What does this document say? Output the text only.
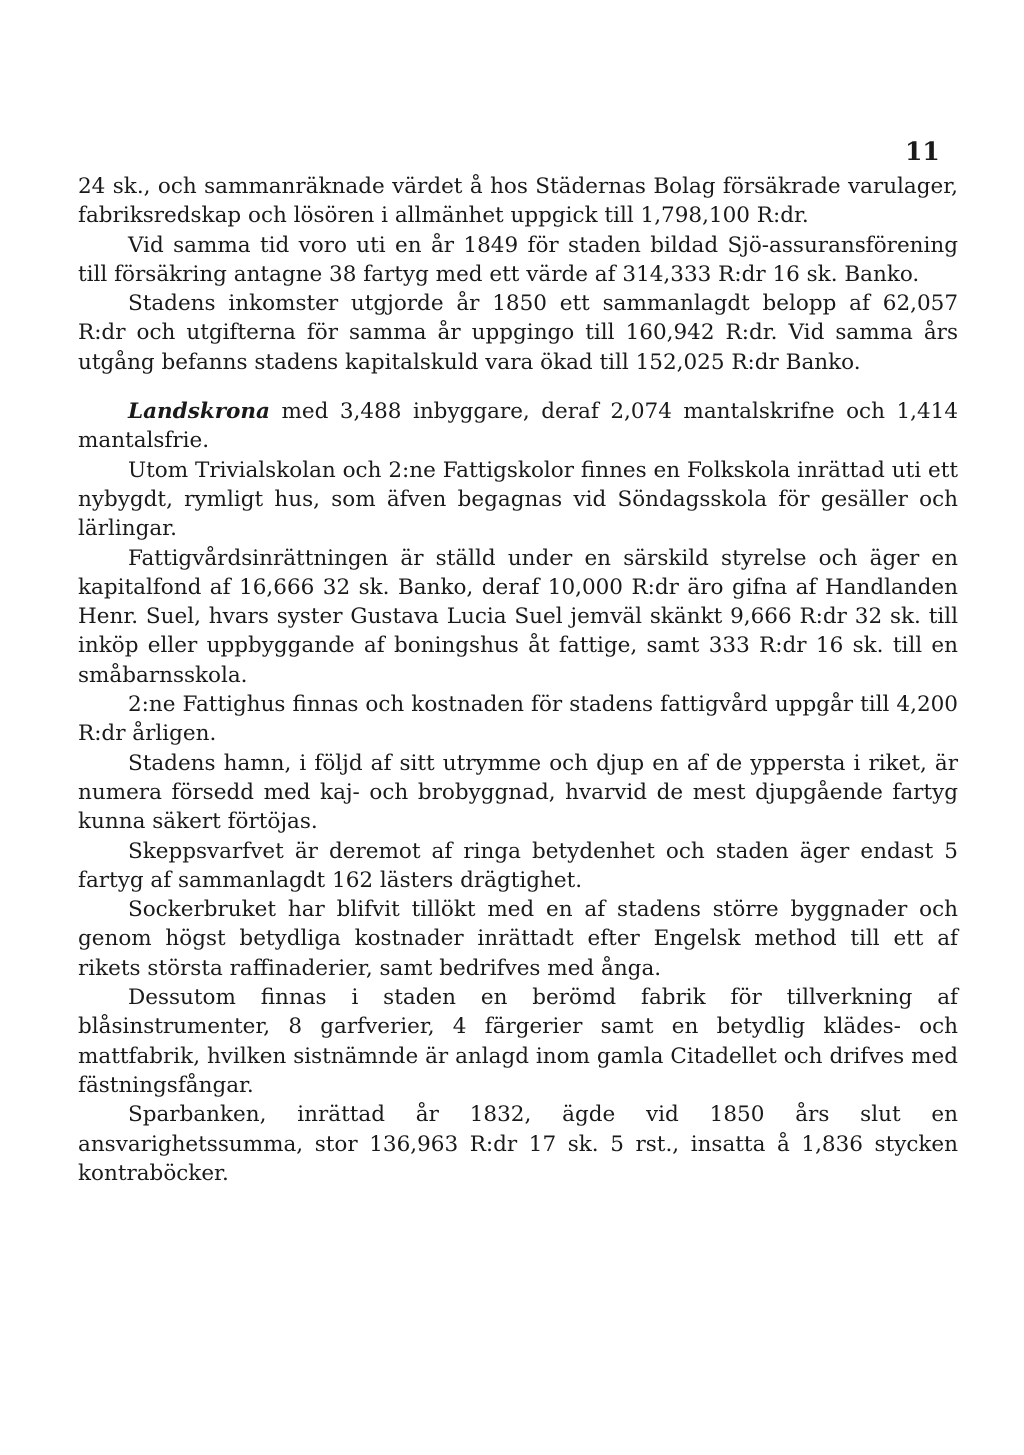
11

24 sk., och sammanräknade värdet å hos Städernas Bolag försäkrade varulager, fabriksredskap och lösören i allmänhet uppgick till 1,798,100 R:dr.

Vid samma tid voro uti en år 1849 för staden bildad Sjö-assuransförening till försäkring antagne 38 fartyg med ett värde af 314,333 R:dr 16 sk. Banko.

Stadens inkomster utgjorde år 1850 ett sammanlagdt belopp af 62,057 R:dr och utgifterna för samma år uppgingo till 160,942 R:dr. Vid samma års utgång befanns stadens kapitalskuld vara ökad till 152,025 R:dr Banko.

Landskrona med 3,488 inbyggare, deraf 2,074 mantalskrifne och 1,414 mantalsfrie.

Utom Trivialskolan och 2:ne Fattigskolor finnes en Folkskola inrättad uti ett nybygdt, rymligt hus, som äfven begagnas vid Söndagsskola för gesäller och lärlingar.

Fattigvårdsinrättningen är ställd under en särskild styrelse och äger en kapitalfond af 16,666 32 sk. Banko, deraf 10,000 R:dr äro gifna af Handlanden Henr. Suel, hvars syster Gustava Lucia Suel jemväl skänkt 9,666 R:dr 32 sk. till inköp eller uppbyggande af boningshus åt fattige, samt 333 R:dr 16 sk. till en småbarnsskola.

2:ne Fattighus finnas och kostnaden för stadens fattigvård uppgår till 4,200 R:dr årligen.

Stadens hamn, i följd af sitt utrymme och djup en af de yppersta i riket, är numera försedd med kaj- och brobyggnad, hvarvid de mest djupgående fartyg kunna säkert förtöjas.

Skeppsvarfvet är deremot af ringa betydenhet och staden äger endast 5 fartyg af sammanlagdt 162 lästers drägtighet.

Sockerbruket har blifvit tillökt med en af stadens större byggnader och genom högst betydliga kostnader inrättadt efter Engelsk method till ett af rikets största raffinaderier, samt bedrifves med ånga.

Dessutom finnas i staden en berömd fabrik för tillverkning af blåsinstrumenter, 8 garfverier, 4 färgerier samt en betydlig klädes- och mattfabrik, hvilken sistnämnde är anlagd inom gamla Citadellet och drifves med fästningsfångar.

Sparbanken, inrättad år 1832, ägde vid 1850 års slut en ansvarighetssumma, stor 136,963 R:dr 17 sk. 5 rst., insatta å 1,836 stycken kontraböcker.
